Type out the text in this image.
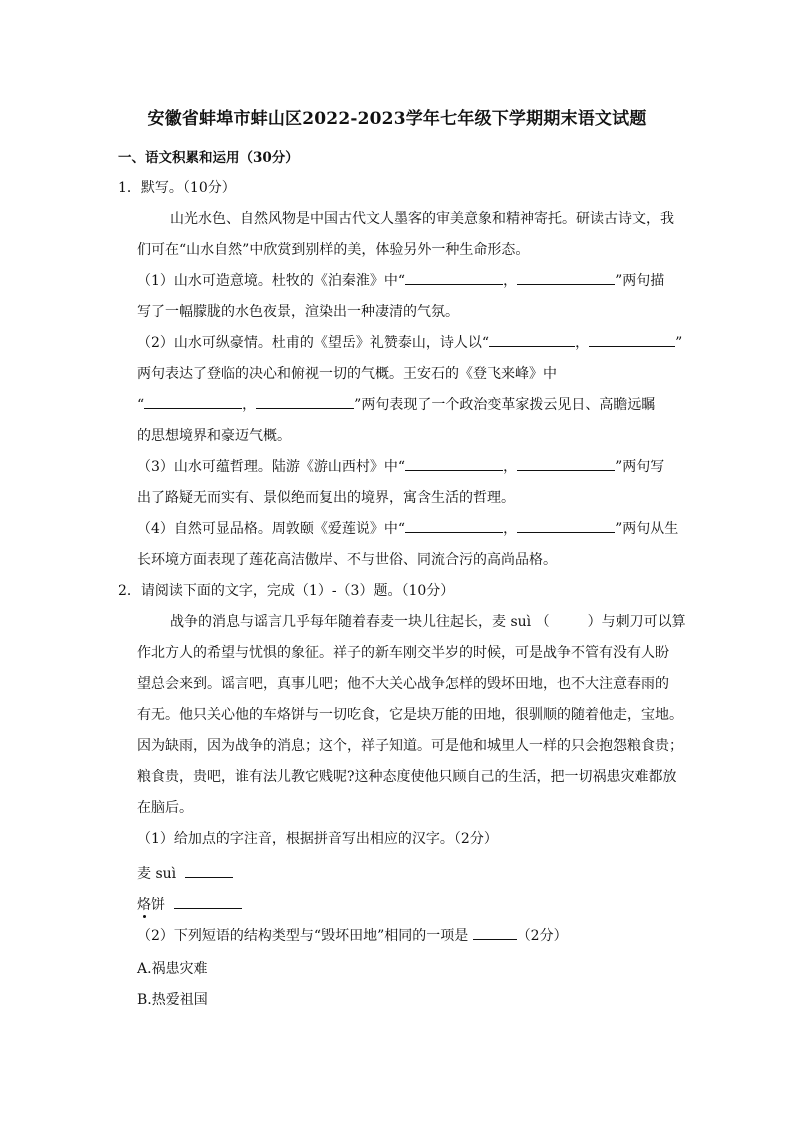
安徽省蚌埠市蚌山区2022-2023学年七年级下学期期末语文试题
一、语文积累和运用（30分）
1．默写。（10分）
山光水色、自然风物是中国古代文人墨客的审美意象和精神寄托。研读古诗文，我
们可在“山水自然”中欣赏到别样的美，体验另外一种生命形态。
（1）山水可造意境。杜牧的《泊秦淮》中“	，	”两句描
写了一幅朦胧的水色夜景，渲染出一种凄清的气氛。
（2）山水可纵豪情。杜甫的《望岳》礼赞泰山，诗人以“	，	”
两句表达了登临的决心和俯视一切的气概。王安石的《登飞来峰》中
“	，	”两句表现了一个政治变革家拨云见日、高瞻远瞩
的思想境界和豪迈气概。
（3）山水可蕴哲理。陆游《游山西村》中“	，	”两句写
出了路疑无而实有、景似绝而复出的境界，寓含生活的哲理。
（4）自然可显品格。周敦颐《爱莲说》中“	，	”两句从生
长环境方面表现了莲花高洁傲岸、不与世俗、同流合污的高尚品格。
2．请阅读下面的文字，完成（1）-（3）题。（10分）
战争的消息与谣言几乎每年随着春麦一块儿往起长，麦 suì （	）与刺刀可以算
作北方人的希望与忧惧的象征。祥子的新车刚交半岁的时候，可是战争不管有没有人盼
望总会来到。谣言吧，真事儿吧；他不大关心战争怎样的毁坏田地，也不大注意春雨的
有无。他只关心他的车烙饼与一切吃食，它是块万能的田地，很驯顺的随着他走，宝地。
因为缺雨，因为战争的消息；这个，祥子知道。可是他和城里人一样的只会抱怨粮食贵；
粮食贵，贵吧，谁有法儿教它贱呢?这种态度使他只顾自己的生活，把一切祸患灾难都放
在脑后。
（1）给加点的字注音，根据拼音写出相应的汉字。（2分）
麦 suì
烙饼
（2）下列短语的结构类型与“毁坏田地”相同的一项是	（2分）
A.祸患灾难
B.热爱祖国
